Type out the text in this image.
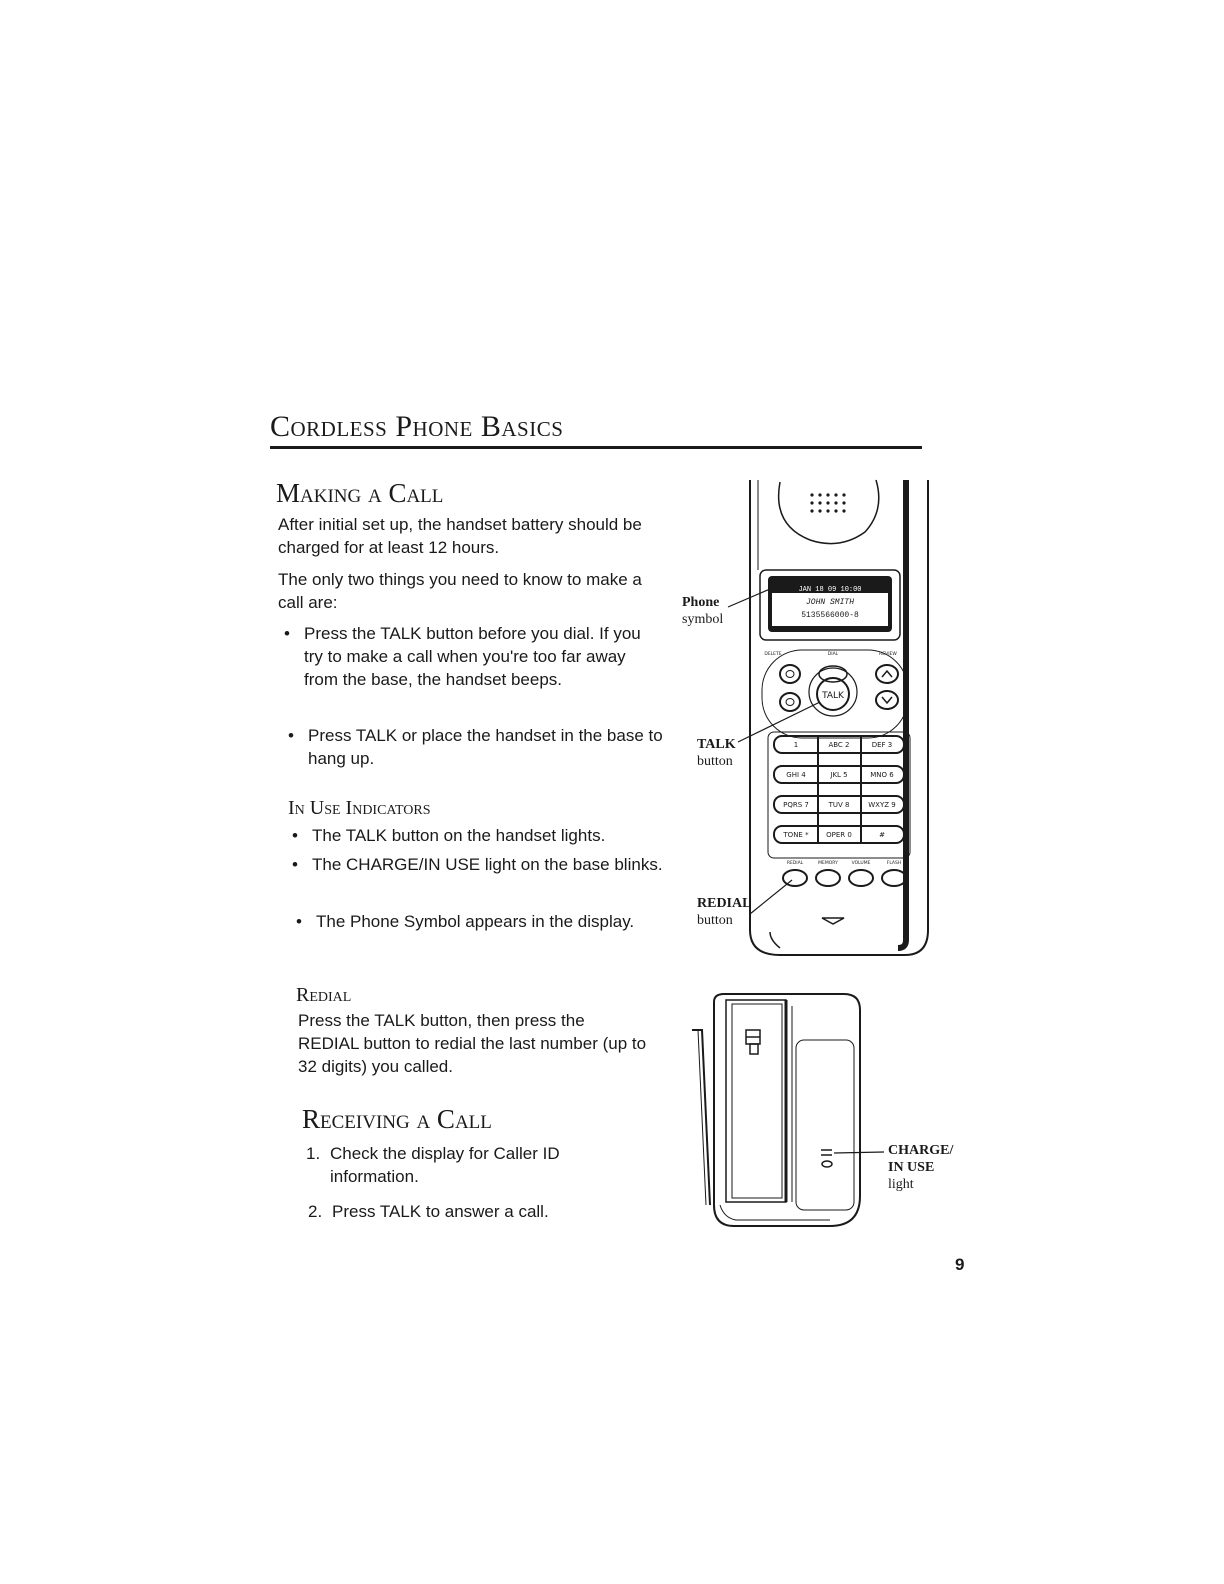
Cordless Phone Basics
Making a Call
After initial set up, the handset battery should be charged for at least 12 hours.
The only two things you need to know to make a call are:
• Press the TALK button before you dial. If you try to make a call when you're too far away from the base, the handset beeps.
• Press TALK or place the handset in the base to hang up.
In Use Indicators
• The TALK button on the handset lights.
• The CHARGE/IN USE light on the base blinks.
• The Phone Symbol appears in the display.
Redial
Press the TALK button, then press the REDIAL button to redial the last number (up to 32 digits) you called.
Receiving a Call
1. Check the display for Caller ID information.
2. Press TALK to answer a call.
JAN 18 09 10:00
JOHN SMITH
5135566000-8
DELETE	DIAL	REVIEW
TALK
1	ABC 2	DEF 3
GHI 4	JKL 5	MNO 6
PQRS 7	TUV 8	WXYZ 9
TONE *	OPER 0	#
REDIAL	MEMORY	VOLUME	FLASH
Phone
symbol
TALK
button
REDIAL
button
CHARGE/
IN USE
light
9
